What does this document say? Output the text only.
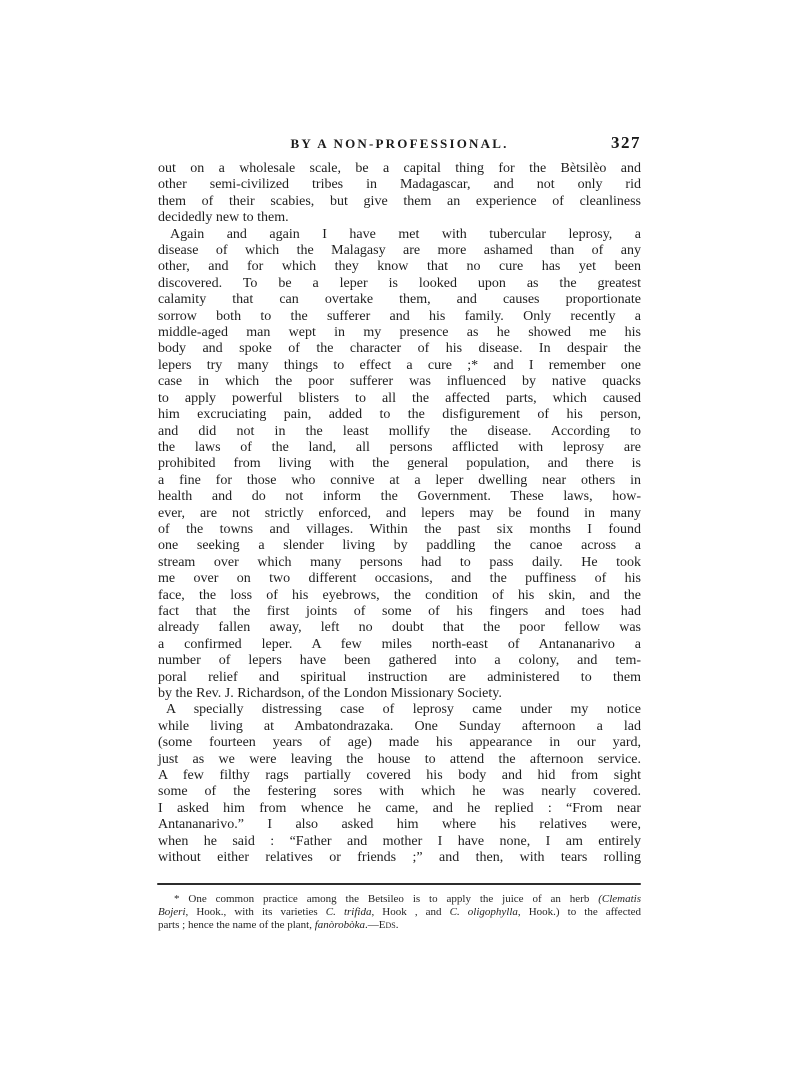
BY A NON-PROFESSIONAL.	327
out on a wholesale scale, be a capital thing for the Bètsilèo and
other semi-civilized tribes in Madagascar, and not only rid
them of their scabies, but give them an experience of cleanliness
decidedly new to them.
Again and again I have met with tubercular leprosy, a
disease of which the Malagasy are more ashamed than of any
other, and for which they know that no cure has yet been
discovered. To be a leper is looked upon as the greatest
calamity that can overtake them, and causes proportionate
sorrow both to the sufferer and his family. Only recently a
middle-aged man wept in my presence as he showed me his
body and spoke of the character of his disease. In despair the
lepers try many things to effect a cure ;* and I remember one
case in which the poor sufferer was influenced by native quacks
to apply powerful blisters to all the affected parts, which caused
him excruciating pain, added to the disfigurement of his person,
and did not in the least mollify the disease. According to
the laws of the land, all persons afflicted with leprosy are
prohibited from living with the general population, and there is
a fine for those who connive at a leper dwelling near others in
health and do not inform the Government. These laws, how-
ever, are not strictly enforced, and lepers may be found in many
of the towns and villages. Within the past six months I found
one seeking a slender living by paddling the canoe across a
stream over which many persons had to pass daily. He took
me over on two different occasions, and the puffiness of his
face, the loss of his eyebrows, the condition of his skin, and the
fact that the first joints of some of his fingers and toes had
already fallen away, left no doubt that the poor fellow was
a confirmed leper. A few miles north-east of Antananarivo a
number of lepers have been gathered into a colony, and tem-
poral relief and spiritual instruction are administered to them
by the Rev. J. Richardson, of the London Missionary Society.
A specially distressing case of leprosy came under my notice
while living at Ambatondrazaka. One Sunday afternoon a lad
(some fourteen years of age) made his appearance in our yard,
just as we were leaving the house to attend the afternoon service.
A few filthy rags partially covered his body and hid from sight
some of the festering sores with which he was nearly covered.
I asked him from whence he came, and he replied : “From near
Antananarivo.” I also asked him where his relatives were,
when he said : “Father and mother I have none, I am entirely
without either relatives or friends ;” and then, with tears rolling
* One common practice among the Betsileo is to apply the juice of an herb (Clematis
Bojeri, Hook., with its varieties C. trifida, Hook , and C. oligophylla, Hook.) to the affected
parts ; hence the name of the plant, fanòrobòka.—Eds.
